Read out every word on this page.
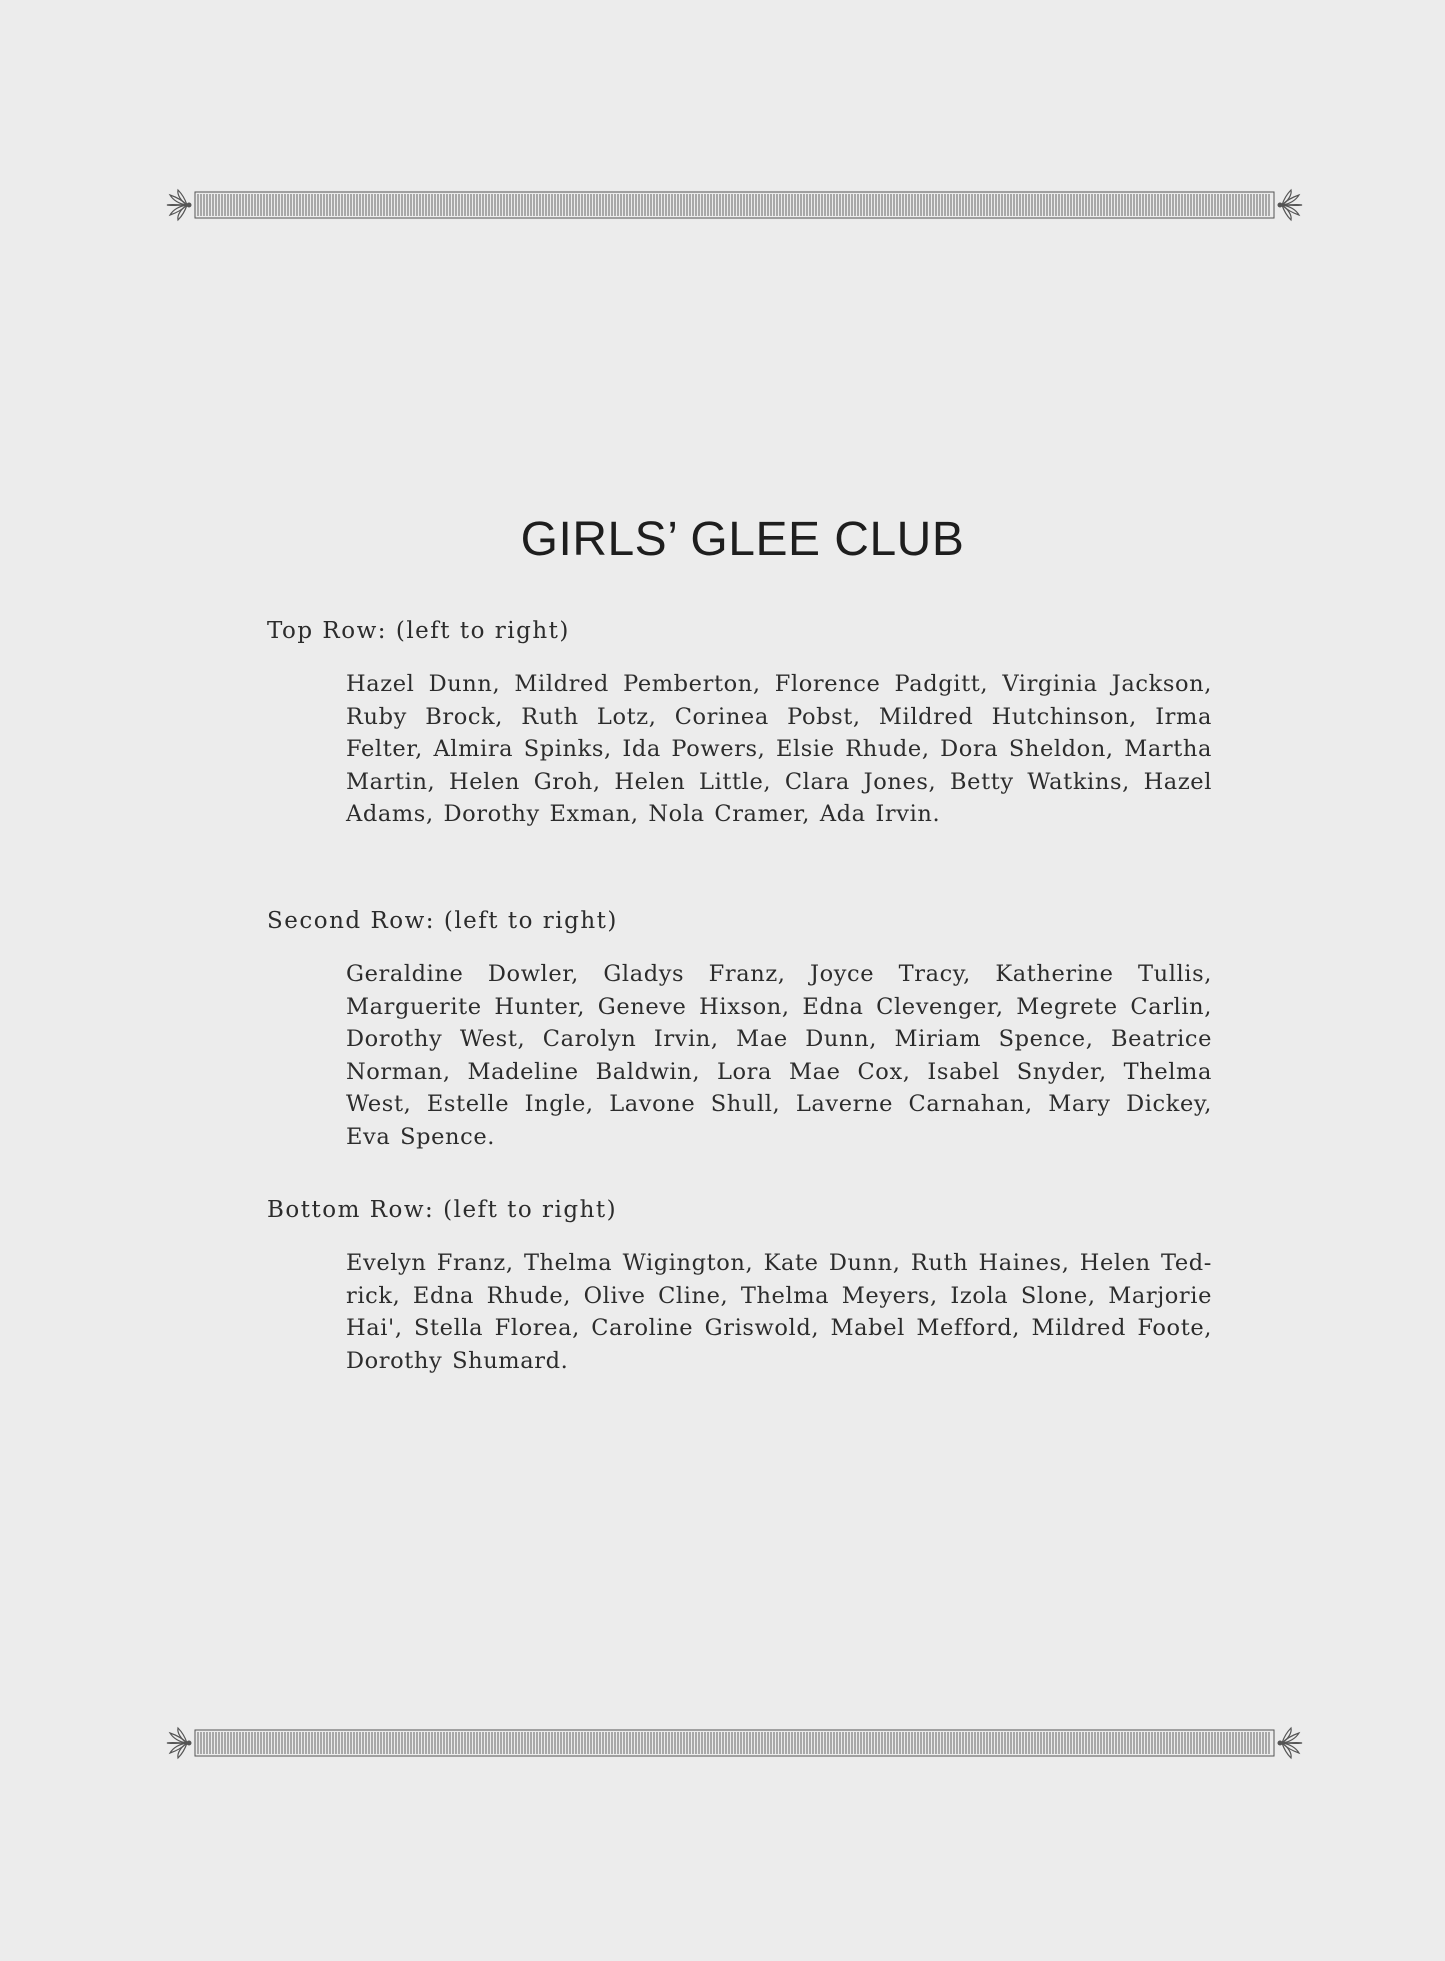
GIRLS’ GLEE CLUB

Top Row: (left to right)

Hazel Dunn, Mildred Pemberton, Florence Padgitt, Virginia Jackson, Ruby Brock, Ruth Lotz, Corinea Pobst, Mildred Hutchinson, Irma Felter, Almira Spinks, Ida Powers, Elsie Rhude, Dora Sheldon, Martha Martin, Helen Groh, Helen Little, Clara Jones, Betty Watkins, Hazel Adams, Dorothy Exman, Nola Cramer, Ada Irvin.

Second Row: (left to right)

Geraldine Dowler, Gladys Franz, Joyce Tracy, Katherine Tullis, Marguerite Hunter, Geneve Hixson, Edna Clevenger, Megrete Carlin, Dorothy West, Carolyn Irvin, Mae Dunn, Miriam Spence, Beatrice Norman, Madeline Baldwin, Lora Mae Cox, Isabel Snyder, Thelma West, Estelle Ingle, Lavone Shull, Laverne Carnahan, Mary Dickey, Eva Spence.

Bottom Row: (left to right)

Evelyn Franz, Thelma Wigington, Kate Dunn, Ruth Haines, Helen Ted-rick, Edna Rhude, Olive Cline, Thelma Meyers, Izola Slone, Marjorie Hai', Stella Florea, Caroline Griswold, Mabel Mefford, Mildred Foote, Dorothy Shumard.
